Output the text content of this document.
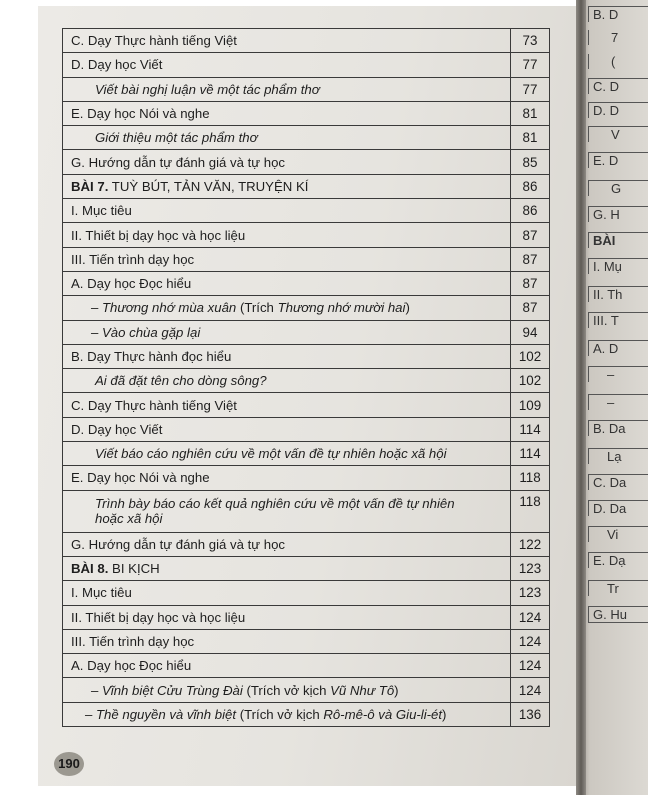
B. D
7
(
C. D
D. D
V
E. D
G
G. H
BÀI
I. Mụ
II. Th
III. T
A. D
–
–
B. Da
Lạ
C. Da
D. Da
Vi
E. Dạ
Tr
G. Hu
C. Dạy Thực hành tiếng Việt	73
D. Dạy học Viết	77
Viết bài nghị luận về một tác phẩm thơ	77
E. Dạy học Nói và nghe	81
Giới thiệu một tác phẩm thơ	81
G. Hướng dẫn tự đánh giá và tự học	85
BÀI 7. TUỲ BÚT, TẢN VĂN, TRUYỆN KÍ	86
I. Mục tiêu	86
II. Thiết bị dạy học và học liệu	87
III. Tiến trình dạy học	87
A. Dạy học Đọc hiểu	87
– Thương nhớ mùa xuân (Trích Thương nhớ mười hai)	87
– Vào chùa gặp lại	94
B. Dạy Thực hành đọc hiểu	102
Ai đã đặt tên cho dòng sông?	102
C. Dạy Thực hành tiếng Việt	109
D. Dạy học Viết	114
Viết báo cáo nghiên cứu về một vấn đề tự nhiên hoặc xã hội	114
E. Dạy học Nói và nghe	118
Trình bày báo cáo kết quả nghiên cứu về một vấn đề tự nhiên hoặc xã hội	118
G. Hướng dẫn tự đánh giá và tự học	122
BÀI 8. BI KỊCH	123
I. Mục tiêu	123
II. Thiết bị dạy học và học liệu	124
III. Tiến trình dạy học	124
A. Dạy học Đọc hiểu	124
– Vĩnh biệt Cửu Trùng Đài (Trích vở kịch Vũ Như Tô)	124
– Thề nguyền và vĩnh biệt (Trích vở kịch Rô-mê-ô và Giu-li-ét)	136
190
